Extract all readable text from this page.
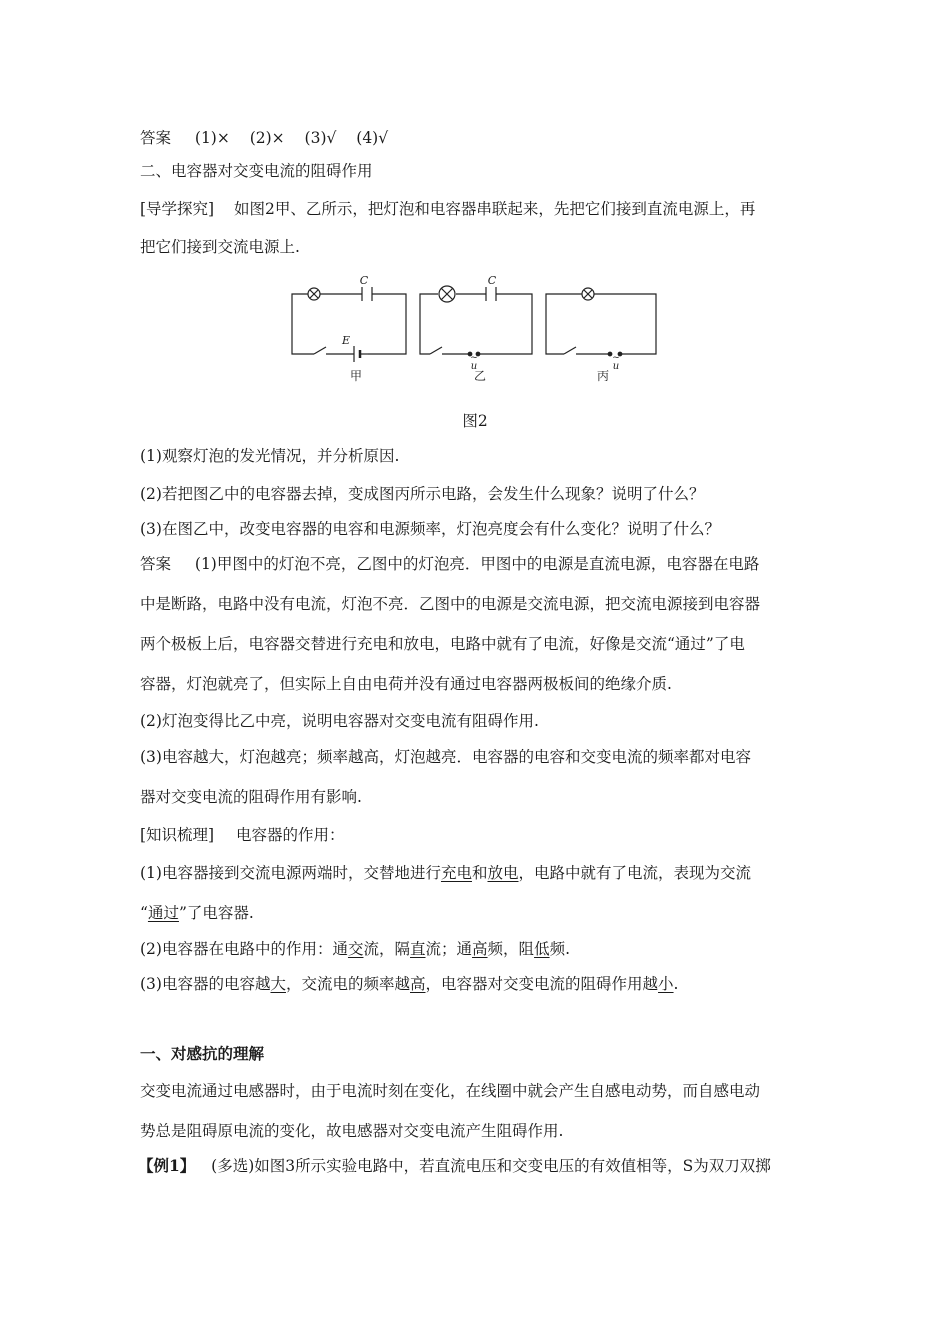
答案 (1)× (2)× (3)√ (4)√
二、电容器对交变电流的阻碍作用
[导学探究] 如图2甲、乙所示，把灯泡和电容器串联起来，先把它们接到直流电源上，再
把它们接到交流电源上.
C
E
甲
C
u
~
乙
u
~
丙
图2
(1)观察灯泡的发光情况，并分析原因.
(2)若把图乙中的电容器去掉，变成图丙所示电路，会发生什么现象？说明了什么？
(3)在图乙中，改变电容器的电容和电源频率，灯泡亮度会有什么变化？说明了什么？
答案 (1)甲图中的灯泡不亮，乙图中的灯泡亮．甲图中的电源是直流电源，电容器在电路
中是断路，电路中没有电流，灯泡不亮．乙图中的电源是交流电源，把交流电源接到电容器
两个极板上后，电容器交替进行充电和放电，电路中就有了电流，好像是交流“通过”了电
容器，灯泡就亮了，但实际上自由电荷并没有通过电容器两极板间的绝缘介质.
(2)灯泡变得比乙中亮，说明电容器对交变电流有阻碍作用.
(3)电容越大，灯泡越亮；频率越高，灯泡越亮．电容器的电容和交变电流的频率都对电容
器对交变电流的阻碍作用有影响.
[知识梳理] 电容器的作用：
(1)电容器接到交流电源两端时，交替地进行充电和放电，电路中就有了电流，表现为交流
“通过”了电容器.
(2)电容器在电路中的作用：通交流，隔直流；通高频，阻低频.
(3)电容器的电容越大，交流电的频率越高，电容器对交变电流的阻碍作用越小.
一、对感抗的理解
交变电流通过电感器时，由于电流时刻在变化，在线圈中就会产生自感电动势，而自感电动
势总是阻碍原电流的变化，故电感器对交变电流产生阻碍作用.
【例1】 (多选)如图3所示实验电路中，若直流电压和交变电压的有效值相等，S为双刀双掷
